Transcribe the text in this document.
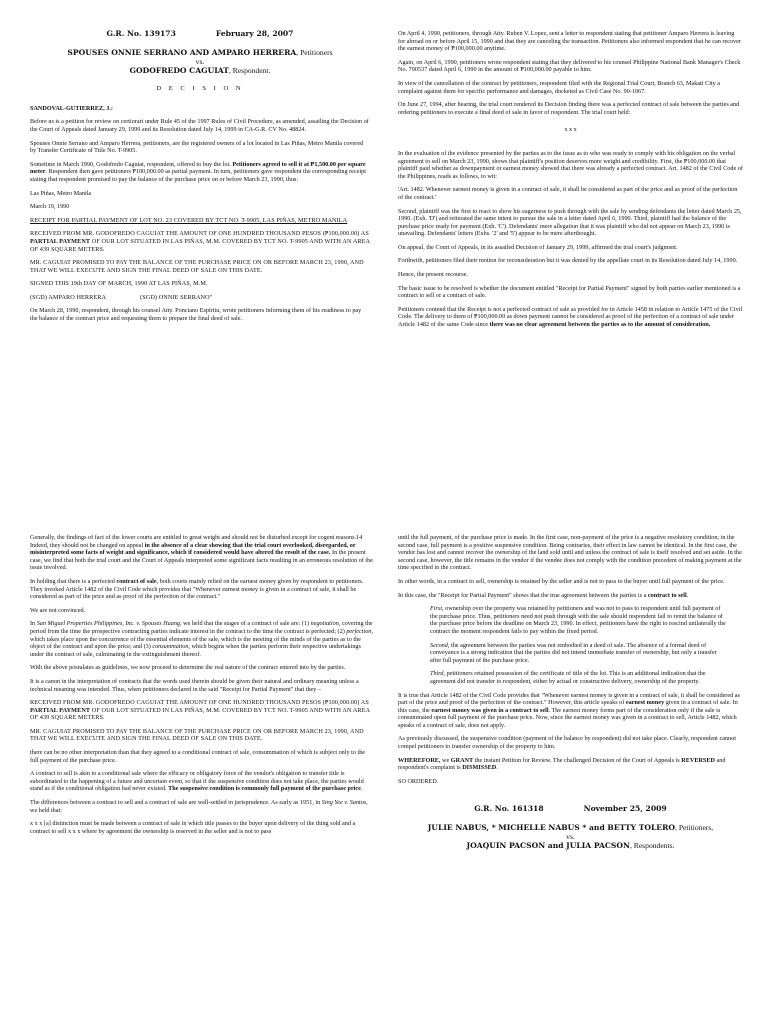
G.R. No. 139173	February 28, 2007
SPOUSES ONNIE SERRANO AND AMPARO HERRERA, Petitioners
vs.
GODOFREDO CAGUIAT, Respondent.
D E C I S I O N

SANDOVAL-GUTIERREZ, J.:

Before us is a petition for review on certiorari under Rule 45 of the 1997 Rules of Civil Procedure, as amended, assailing the Decision of the Court of Appeals dated January 29, 1999 and its Resolution dated July 14, 1999 in CA-G.R. CV No. 48824.

Spouses Onnie Serrano and Amparo Herrera, petitioners, are the registered owners of a lot located in Las Piñas, Metro Manila covered by Transfer Certificate of Title No. T-9905.

Sometime in March 1990, Godofredo Caguiat, respondent, offered to buy the lot. Petitioners agreed to sell it at ₱1,500.00 per square meter. Respondent then gave petitioners ₱100,000.00 as partial payment. In turn, petitioners gave respondent the corresponding receipt stating that respondent promised to pay the balance of the purchase price on or before March 23, 1990, thus:

Las Piñas, Metro Manila

March 19, 1990

RECEIPT FOR PARTIAL PAYMENT OF LOT NO. 23 COVERED BY TCT NO. T-9905, LAS PIÑAS, METRO MANILA

RECEIVED FROM MR. GODOFREDO CAGUIAT THE AMOUNT OF ONE HUNDRED THOUSAND PESOS (₱100,000.00) AS PARTIAL PAYMENT OF OUR LOT SITUATED IN LAS PIÑAS, M.M. COVERED BY TCT NO. T-9905 AND WITH AN AREA OF 439 SQUARE METERS.

MR. CAGUIAT PROMISED TO PAY THE BALANCE OF THE PURCHASE PRICE ON OR BEFORE MARCH 23, 1990, AND THAT WE WILL EXECUTE AND SIGN THE FINAL DEED OF SALE ON THIS DATE.

SIGNED THIS 19th DAY OF MARCH, 1990 AT LAS PIÑAS, M.M.

(SGD) AMPARO HERRERA	(SGD) ONNIE SERRANO"

On March 28, 1990, respondent, through his counsel Atty. Ponciano Espiritu, wrote petitioners informing them of his readiness to pay the balance of the contract price and requesting them to prepare the final deed of sale.

On April 4, 1990, petitioners, through Atty. Ruben V. Lopez, sent a letter to respondent stating that petitioner Amparo Herrera is leaving for abroad on or before April 15, 1990 and that they are canceling the transaction. Petitioners also informed respondent that he can recover the earnest money of ₱100,000.00 anytime.

Again, on April 6, 1990, petitioners wrote respondent stating that they delivered to his counsel Philippine National Bank Manager's Check No. 790537 dated April 6, 1990 in the amount of ₱100,000.00 payable to him.

In view of the cancellation of the contract by petitioners, respondent filed with the Regional Trial Court, Branch 63, Makati City a complaint against them for specific performance and damages, docketed as Civil Case No. 90-1067.

On June 27, 1994, after hearing, the trial court rendered its Decision finding there was a perfected contract of sale between the parties and ordering petitioners to execute a final deed of sale in favor of respondent. The trial court held:

x x x

In the evaluation of the evidence presented by the parties as to the issue as to who was ready to comply with his obligation on the verbal agreement to sell on March 23, 1990, shows that plaintiff's position deserves more weight and credibility. First, the ₱100,000.00 that plaintiff paid whether as downpayment or earnest money showed that there was already a perfected contract. Art. 1482 of the Civil Code of the Philippines, reads as follows, to wit:

'Art. 1482. Whenever earnest money is given in a contract of sale, it shall be considered as part of the price and as proof of the perfection of the contract.'

Second, plaintiff was the first to react to show his eagerness to push through with the sale by sending defendants the letter dated March 25, 1990. (Exh. 'D') and reiterated the same intent to pursue the sale in a letter dated April 6, 1990. Third, plaintiff had the balance of the purchase price ready for payment (Exh. 'C'). Defendants' mere allegation that it was plaintiff who did not appear on March 23, 1990 is unavailing. Defendants' letters (Exhs. '2' and '5') appear to be mere afterthought.

On appeal, the Court of Appeals, in its assailed Decision of January 29, 1999, affirmed the trial court's judgment.

Forthwith, petitioners filed their motion for reconsideration but it was denied by the appellate court in its Resolution dated July 14, 1999.

Hence, the present recourse.

The basic issue to be resolved is whether the document entitled "Receipt for Partial Payment" signed by both parties earlier mentioned is a contract to sell or a contract of sale.

Petitioners contend that the Receipt is not a perfected contract of sale as provided for in Article 1458 in relation to Article 1475 of the Civil Code. The delivery to them of ₱100,000.00 as down payment cannot be considered as proof of the perfection of a contract of sale under Article 1482 of the same Code since there was no clear agreement between the parties as to the amount of consideration.

Generally, the findings of fact of the lower courts are entitled to great weight and should not be disturbed except for cogent reasons.14 Indeed, they should not be changed on appeal in the absence of a clear showing that the trial court overlooked, disregarded, or misinterpreted some facts of weight and significance, which if considered would have altered the result of the case. In the present case, we find that both the trial court and the Court of Appeals interpreted some significant facts resulting in an erroneous resolution of the issue involved.

In holding that there is a perfected contract of sale, both courts mainly relied on the earnest money given by respondent to petitioners. They invoked Article 1482 of the Civil Code which provides that "Whenever earnest money is given in a contract of sale, it shall be considered as part of the price and as proof of the perfection of the contract."

We are not convinced.

In San Miguel Properties Philippines, Inc. v. Spouses Huang, we held that the stages of a contract of sale are: (1) negotiation, covering the period from the time the prospective contracting parties indicate interest in the contract to the time the contract is perfected; (2) perfection, which takes place upon the concurrence of the essential elements of the sale, which is the meeting of the minds of the parties as to the object of the contract and upon the price; and (3) consummation, which begins when the parties perform their respective undertakings under the contract of sale, culminating in the extinguishment thereof.

With the above postulates as guidelines, we now proceed to determine the real nature of the contract entered into by the parties.

It is a canon in the interpretation of contracts that the words used therein should be given their natural and ordinary meaning unless a technical meaning was intended. Thus, when petitioners declared in the said "Receipt for Partial Payment" that they –

RECEIVED FROM MR. GODOFREDO CAGUIAT THE AMOUNT OF ONE HUNDRED THOUSAND PESOS (₱100,000.00) AS PARTIAL PAYMENT OF OUR LOT SITUATED IN LAS PIÑAS, M.M. COVERED BY TCT NO. T-9905 AND WITH AN AREA OF 439 SQUARE METERS.

MR. CAGUIAT PROMISED TO PAY THE BALANCE OF THE PURCHASE PRICE ON OR BEFORE MARCH 23, 1990, AND THAT WE WILL EXECUTE AND SIGN THE FINAL DEED OF SALE ON THIS DATE.

there can be no other interpretation than that they agreed to a conditional contract of sale, consummation of which is subject only to the full payment of the purchase price.

A contract to sell is akin to a conditional sale where the efficacy or obligatory force of the vendor's obligation to transfer title is subordinated to the happening of a future and uncertain event, so that if the suspensive condition does not take place, the parties would stand as if the conditional obligation had never existed. The suspensive condition is commonly full payment of the purchase price.

The differences between a contract to sell and a contract of sale are well-settled in jurisprudence. As early as 1951, in Sing Yee v. Santos, we held that:

x x x [a] distinction must be made between a contract of sale in which title passes to the buyer upon delivery of the thing sold and a contract to sell x x x where by agreement the ownership is reserved in the seller and is not to pass

until the full payment, of the purchase price is made. In the first case, non-payment of the price is a negative resolutory condition; in the second case, full payment is a positive suspensive condition. Being contraries, their effect in law cannot be identical. In the first case, the vendor has lost and cannot recover the ownership of the land sold until and unless the contract of sale is itself resolved and set aside. In the second case, however, the title remains in the vendor if the vendee does not comply with the condition precedent of making payment at the time specified in the contract.

In other words, in a contract to sell, ownership is retained by the seller and is not to pass to the buyer until full payment of the price.

In this case, the "Receipt for Partial Payment" shows that the true agreement between the parties is a contract to sell.

First, ownership over the property was retained by petitioners and was not to pass to respondent until full payment of the purchase price. Thus, petitioners need not push through with the sale should respondent fail to remit the balance of the purchase price before the deadline on March 23, 1990. In effect, petitioners have the right to rescind unilaterally the contract the moment respondent fails to pay within the fixed period.

Second, the agreement between the parties was not embodied in a deed of sale. The absence of a formal deed of conveyance is a strong indication that the parties did not intend immediate transfer of ownership, but only a transfer after full payment of the purchase price.

Third, petitioners retained possession of the certificate of title of the lot. This is an additional indication that the agreement did not transfer to respondent, either by actual or constructive delivery, ownership of the property.

It is true that Article 1482 of the Civil Code provides that "Whenever earnest money is given in a contract of sale, it shall be considered as part of the price and proof of the perfection of the contract." However, this article speaks of earnest money given in a contract of sale. In this case, the earnest money was given in a contract to sell. The earnest money forms part of the consideration only if the sale is consummated upon full payment of the purchase price. Now, since the earnest money was given in a contract to sell, Article 1482, which speaks of a contract of sale, does not apply.

As previously discussed, the suspensive condition (payment of the balance by respondent) did not take place. Clearly, respondent cannot compel petitioners to transfer ownership of the property to him.

WHEREFORE, we GRANT the instant Petition for Review. The challenged Decision of the Court of Appeals is REVERSED and respondent's complaint is DISMISSED.

SO ORDERED.

G.R. No. 161318	November 25, 2009
JULIE NABUS, * MICHELLE NABUS * and BETTY TOLERO, Petitioners,
vs.
JOAQUIN PACSON and JULIA PACSON, Respondents.
